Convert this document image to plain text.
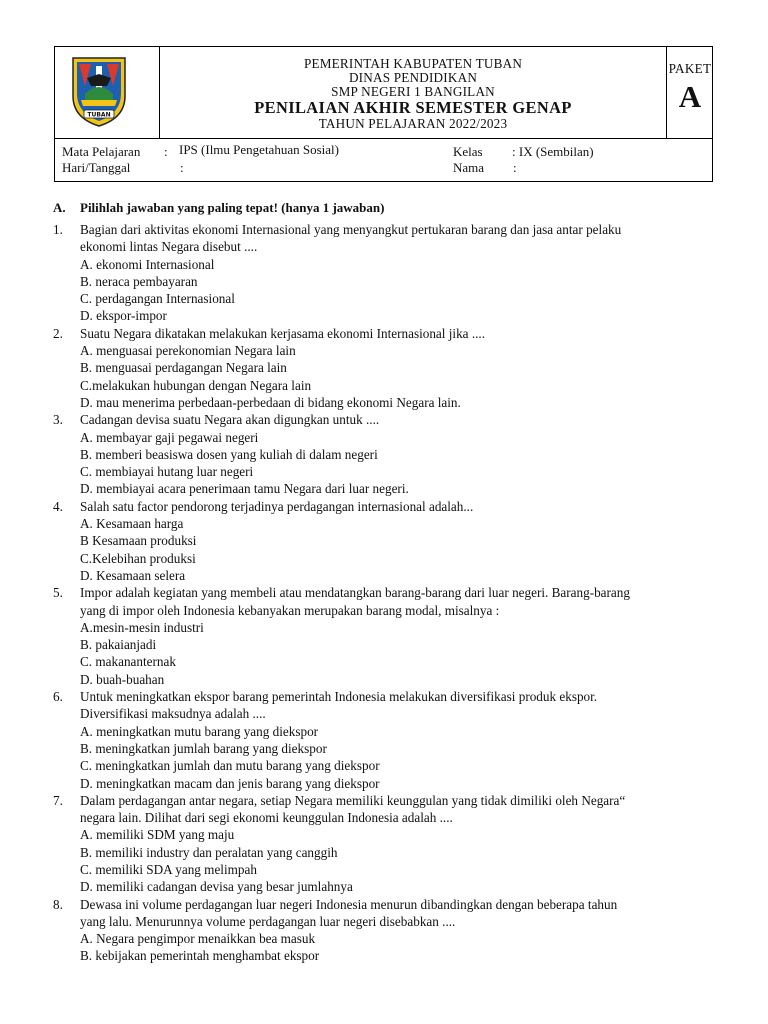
TUBAN
PEMERINTAH KABUPATEN TUBAN
DINAS PENDIDIKAN
SMP NEGERI 1 BANGILAN
PENILAIAN AKHIR SEMESTER GENAP
TAHUN PELAJARAN 2022/2023
PAKET
A
Mata Pelajaran : IPS (Ilmu Pengetahuan Sosial)
Hari/Tanggal	:
Kelas : IX (Sembilan)
Nama :
A. Pilihlah jawaban yang paling tepat! (hanya 1 jawaban)
1.	Bagian dari aktivitas ekonomi Internasional yang menyangkut pertukaran barang dan jasa antar pelaku
ekonomi lintas Negara disebut ....
A. ekonomi Internasional
B. neraca pembayaran
C. perdagangan Internasional
D. ekspor-impor
2.	Suatu Negara dikatakan melakukan kerjasama ekonomi Internasional jika ....
A. menguasai perekonomian Negara lain
B. menguasai perdagangan Negara lain
C.melakukan hubungan dengan Negara lain
D. mau menerima perbedaan-perbedaan di bidang ekonomi Negara lain.
3.	Cadangan devisa suatu Negara akan digungkan untuk ....
A. membayar gaji pegawai negeri
B. memberi beasiswa dosen yang kuliah di dalam negeri
C. membiayai hutang luar negeri
D. membiayai acara penerimaan tamu Negara dari luar negeri.
4.	Salah satu factor pendorong terjadinya perdagangan internasional adalah...
A. Kesamaan harga
B Kesamaan produksi
C.Kelebihan produksi
D. Kesamaan selera
5.	Impor adalah kegiatan yang membeli atau mendatangkan barang-barang dari luar negeri. Barang-barang
yang di impor oleh Indonesia kebanyakan merupakan barang modal, misalnya :
A.mesin-mesin industri
B. pakaianjadi
C. makananternak
D. buah-buahan
6.	Untuk meningkatkan ekspor barang pemerintah Indonesia melakukan diversifikasi produk ekspor.
Diversifikasi maksudnya adalah ....
A. meningkatkan mutu barang yang diekspor
B. meningkatkan jumlah barang yang diekspor
C. meningkatkan jumlah dan mutu barang yang diekspor
D. meningkatkan macam dan jenis barang yang diekspor
7.	Dalam perdagangan antar negara, setiap Negara memiliki keunggulan yang tidak dimiliki oleh Negara“
negara lain. Dilihat dari segi ekonomi keunggulan Indonesia adalah ....
A. memiliki SDM yang maju
B. memiliki industry dan peralatan yang canggih
C. memiliki SDA yang melimpah
D. memiliki cadangan devisa yang besar jumlahnya
8.	Dewasa ini volume perdagangan luar negeri Indonesia menurun dibandingkan dengan beberapa tahun
yang lalu. Menurunnya volume perdagangan luar negeri disebabkan ....
A. Negara pengimpor menaikkan bea masuk
B. kebijakan pemerintah menghambat ekspor
